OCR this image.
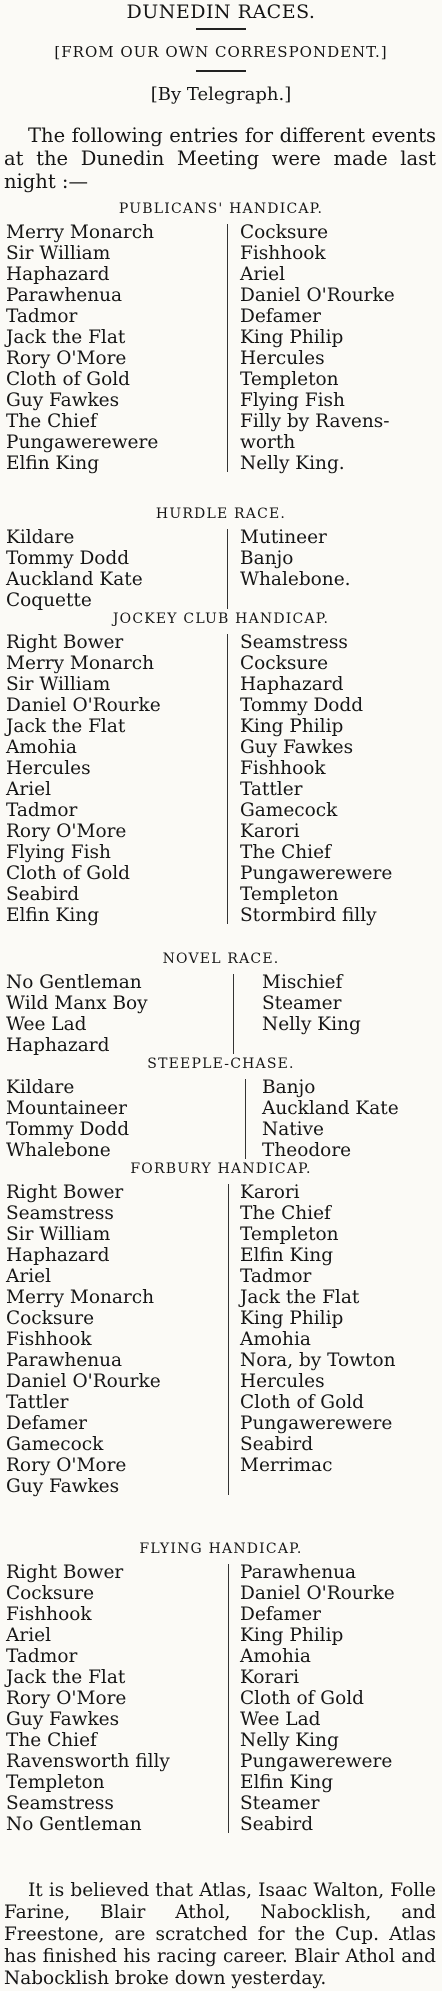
DUNEDIN RACES.
[FROM OUR OWN CORRESPONDENT.]
[By Telegraph.]
The following entries for different events at the Dunedin Meeting were made last night :—
PUBLICANS' HANDICAP.
Merry Monarch
Sir William
Haphazard
Parawhenua
Tadmor
Jack the Flat
Rory O'More
Cloth of Gold
Guy Fawkes
The Chief
Pungawerewere
Elfin King
Cocksure
Fishhook
Ariel
Daniel O'Rourke
Defamer
King Philip
Hercules
Templeton
Flying Fish
Filly by Ravens-
worth
Nelly King.
HURDLE RACE.
Kildare
Tommy Dodd
Auckland Kate
Coquette
Mutineer
Banjo
Whalebone.
JOCKEY CLUB HANDICAP.
Right Bower
Merry Monarch
Sir William
Daniel O'Rourke
Jack the Flat
Amohia
Hercules
Ariel
Tadmor
Rory O'More
Flying Fish
Cloth of Gold
Seabird
Elfin King
Seamstress
Cocksure
Haphazard
Tommy Dodd
King Philip
Guy Fawkes
Fishhook
Tattler
Gamecock
Karori
The Chief
Pungawerewere
Templeton
Stormbird filly
NOVEL RACE.
No Gentleman
Wild Manx Boy
Wee Lad
Haphazard
Mischief
Steamer
Nelly King
STEEPLE-CHASE.
Kildare
Mountaineer
Tommy Dodd
Whalebone
Banjo
Auckland Kate
Native
Theodore
FORBURY HANDICAP.
Right Bower
Seamstress
Sir William
Haphazard
Ariel
Merry Monarch
Cocksure
Fishhook
Parawhenua
Daniel O'Rourke
Tattler
Defamer
Gamecock
Rory O'More
Guy Fawkes
Karori
The Chief
Templeton
Elfin King
Tadmor
Jack the Flat
King Philip
Amohia
Nora, by Towton
Hercules
Cloth of Gold
Pungawerewere
Seabird
Merrimac
FLYING HANDICAP.
Right Bower
Cocksure
Fishhook
Ariel
Tadmor
Jack the Flat
Rory O'More
Guy Fawkes
The Chief
Ravensworth filly
Templeton
Seamstress
No Gentleman
Parawhenua
Daniel O'Rourke
Defamer
King Philip
Amohia
Korari
Cloth of Gold
Wee Lad
Nelly King
Pungawerewere
Elfin King
Steamer
Seabird
It is believed that Atlas, Isaac Walton, Folle Farine, Blair Athol, Nabocklish, and Freestone, are scratched for the Cup. Atlas has finished his racing career. Blair Athol and Nabocklish broke down yesterday.
